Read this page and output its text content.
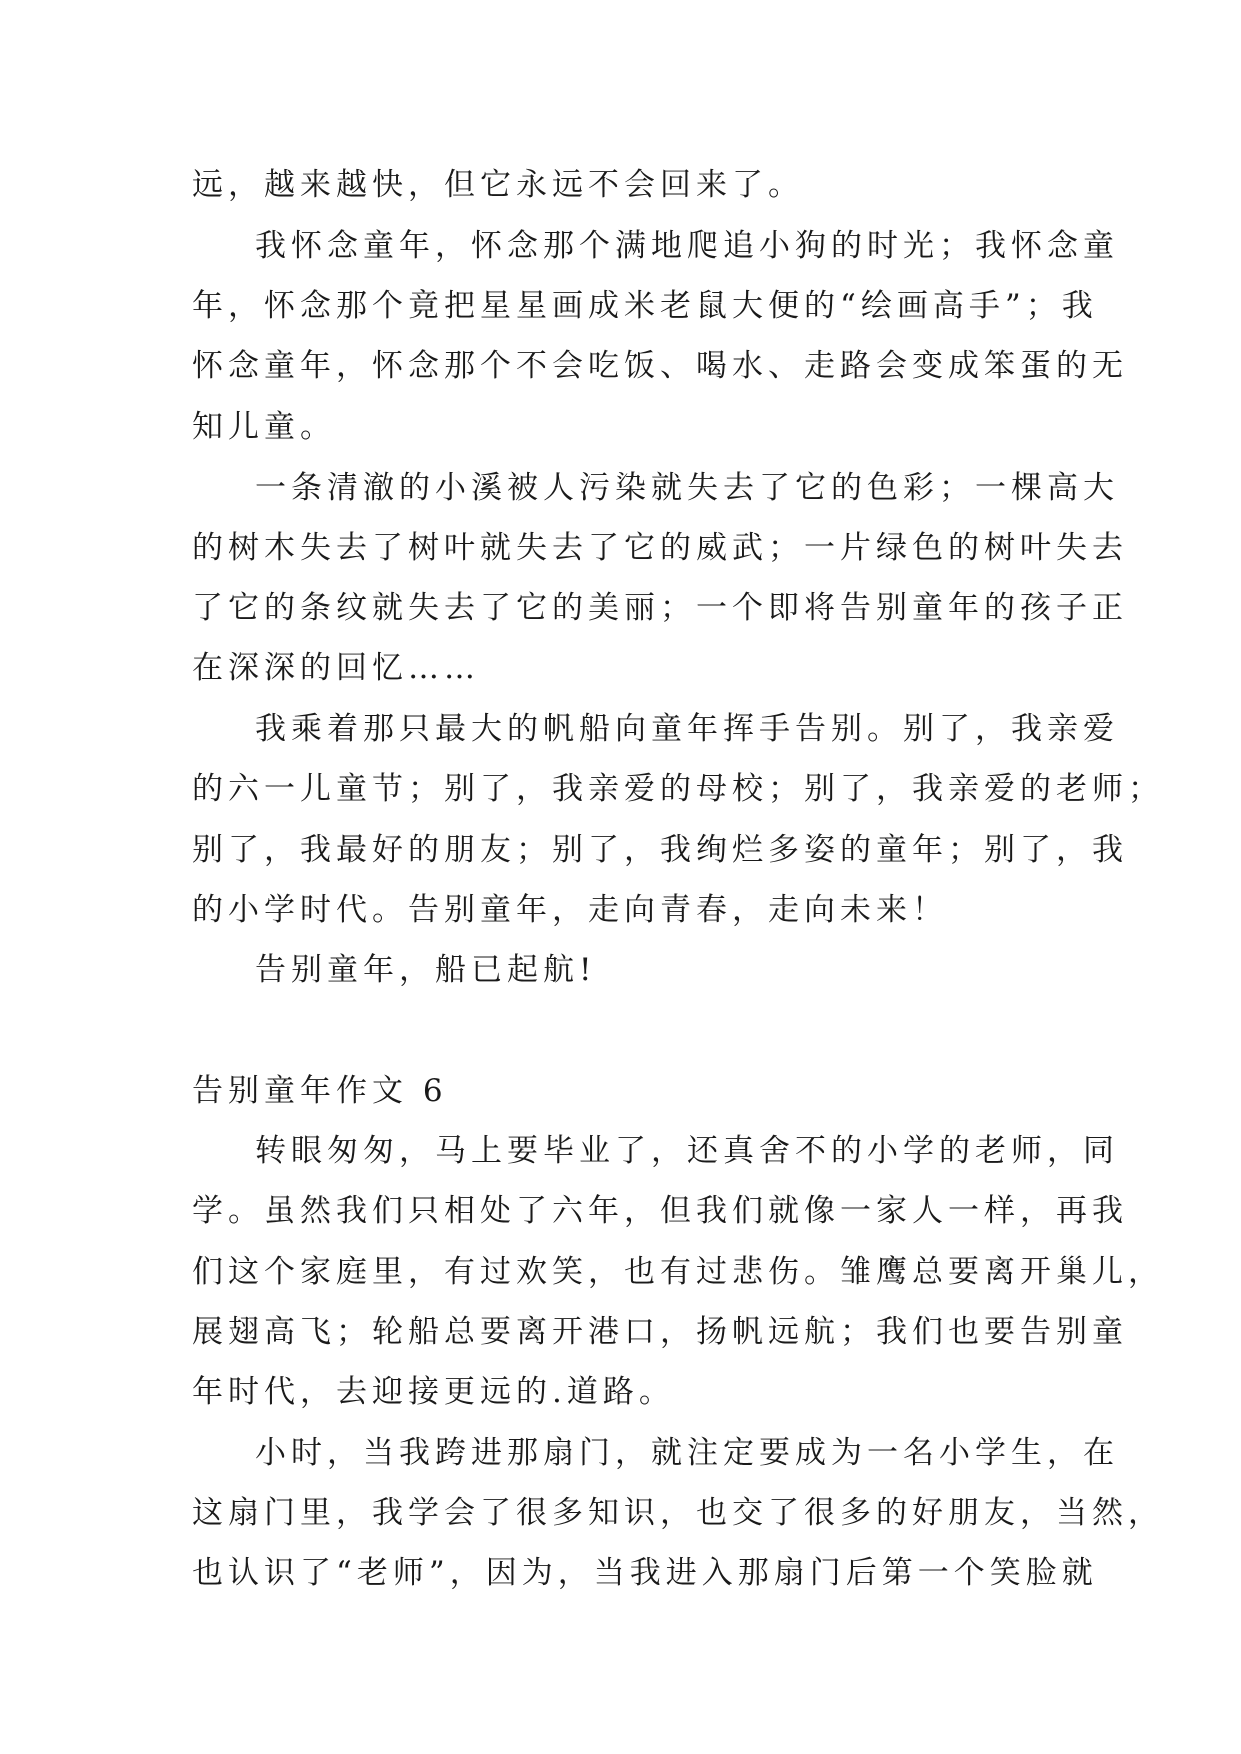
远，越来越快，但它永远不会回来了。
我怀念童年，怀念那个满地爬追小狗的时光；我怀念童
年，怀念那个竟把星星画成米老鼠大便的“绘画高手”；我
怀念童年，怀念那个不会吃饭、喝水、走路会变成笨蛋的无
知儿童。
一条清澈的小溪被人污染就失去了它的色彩；一棵高大
的树木失去了树叶就失去了它的威武；一片绿色的树叶失去
了它的条纹就失去了它的美丽；一个即将告别童年的孩子正
在深深的回忆……
我乘着那只最大的帆船向童年挥手告别。别了，我亲爱
的六一儿童节；别了，我亲爱的母校；别了，我亲爱的老师；
别了，我最好的朋友；别了，我绚烂多姿的童年；别了，我
的小学时代。告别童年，走向青春，走向未来！
告别童年，船已起航!
告别童年作文 6
转眼匆匆，马上要毕业了，还真舍不的小学的老师，同
学。虽然我们只相处了六年，但我们就像一家人一样，再我
们这个家庭里，有过欢笑，也有过悲伤。雏鹰总要离开巢儿，
展翅高飞；轮船总要离开港口，扬帆远航；我们也要告别童
年时代，去迎接更远的.道路。
小时，当我跨进那扇门，就注定要成为一名小学生，在
这扇门里，我学会了很多知识，也交了很多的好朋友，当然，
也认识了“老师”，因为，当我进入那扇门后第一个笑脸就
